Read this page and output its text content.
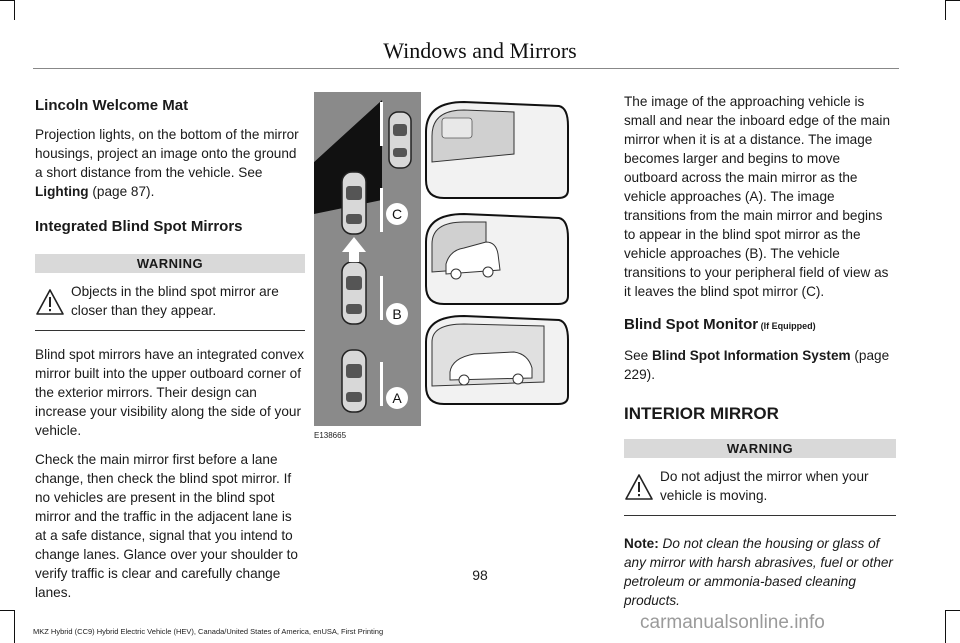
Windows and Mirrors
Lincoln Welcome Mat

Projection lights, on the bottom of the mirror housings, project an image onto the ground a short distance from the vehicle. See Lighting (page 87).

Integrated Blind Spot Mirrors
WARNING
Objects in the blind spot mirror are closer than they appear.

Blind spot mirrors have an integrated convex mirror built into the upper outboard corner of the exterior mirrors. Their design can increase your visibility along the side of your vehicle.

Check the main mirror first before a lane change, then check the blind spot mirror. If no vehicles are present in the blind spot mirror and the traffic in the adjacent lane is at a safe distance, signal that you intend to change lanes. Glance over your shoulder to verify traffic is clear and carefully change lanes.

C
B
A
E138665

The image of the approaching vehicle is small and near the inboard edge of the main mirror when it is at a distance. The image becomes larger and begins to move outboard across the main mirror as the vehicle approaches (A). The image transitions from the main mirror and begins to appear in the blind spot mirror as the vehicle approaches (B). The vehicle transitions to your peripheral field of view as it leaves the blind spot mirror (C).

Blind Spot Monitor (If Equipped)

See Blind Spot Information System (page 229).

INTERIOR MIRROR
WARNING
Do not adjust the mirror when your vehicle is moving.

Note: Do not clean the housing or glass of any mirror with harsh abrasives, fuel or other petroleum or ammonia-based cleaning products.

98
MKZ Hybrid (CC9) Hybrid Electric Vehicle (HEV), Canada/United States of America, enUSA, First Printing	carmanualsonline.info
